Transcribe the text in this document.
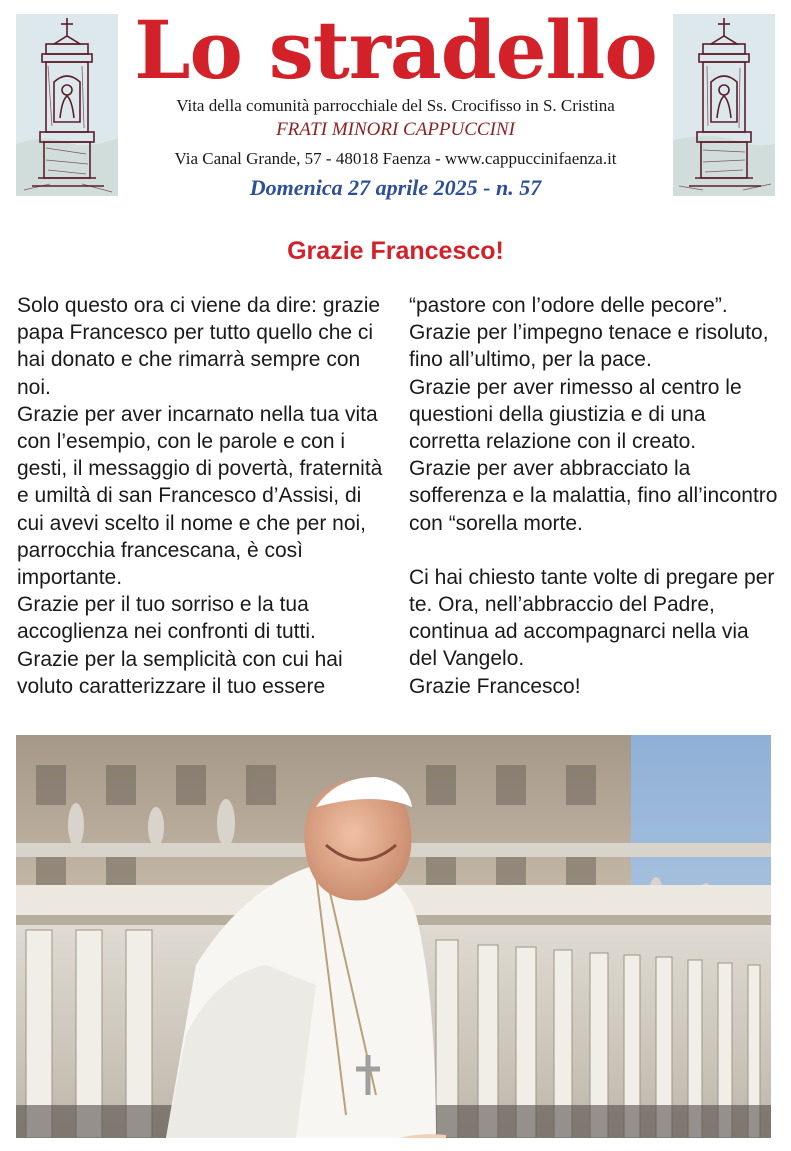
Lo stradello
Vita della comunità parrocchiale del Ss. Crocifisso in S. Cristina
FRATI MINORI CAPPUCCINI
Via Canal Grande, 57 - 48018 Faenza - www.cappuccinifaenza.it
Domenica 27 aprile 2025 - n. 57
Grazie Francesco!

Solo questo ora ci viene da dire: grazie papa Francesco per tutto quello che ci hai donato e che rimarrà sempre con noi.

Grazie per aver incarnato nella tua vita con l’esempio, con le parole e con i gesti, il messaggio di povertà, fraternità e umiltà di san Francesco d’Assisi, di cui avevi scelto il nome e che per noi, parrocchia francescana, è così importante.

Grazie per il tuo sorriso e la tua accoglienza nei confronti di tutti.

Grazie per la semplicità con cui hai voluto caratterizzare il tuo essere

“pastore con l’odore delle pecore”.

Grazie per l’impegno tenace e risoluto, fino all’ultimo, per la pace.

Grazie per aver rimesso al centro le questioni della giustizia e di una corretta relazione con il creato.

Grazie per aver abbracciato la sofferenza e la malattia, fino all’incontro con “sorella morte.

Ci hai chiesto tante volte di pregare per te. Ora, nell’abbraccio del Padre, continua ad accompagnarci nella via del Vangelo.

Grazie Francesco!
